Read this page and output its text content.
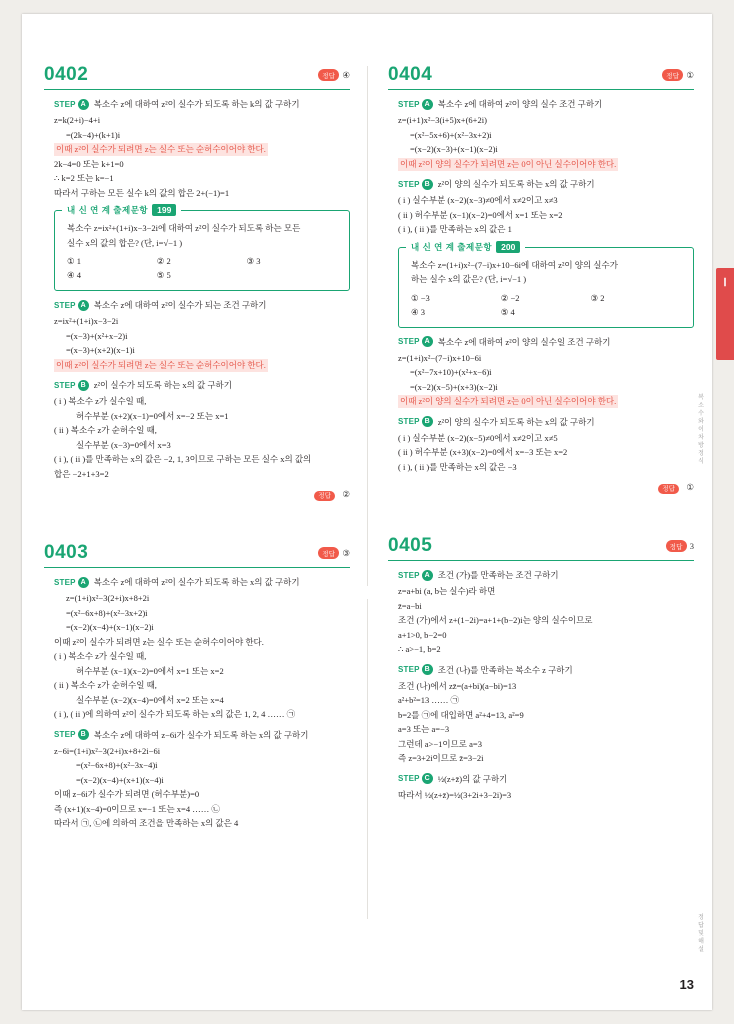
0402	정답 ④
STEP A 복소수 z에 대하여 z²이 실수가 되도록 하는 k의 값 구하기
z=k(2+i)−4+i
=(2k−4)+(k+1)i
이때 z²이 실수가 되려면 z는 실수 또는 순허수이어야 한다.
2k−4=0 또는 k+1=0
∴ k=2 또는 k=−1
따라서 구하는 모든 실수 k의 값의 합은 2+(−1)=1
내 신 연 계 출제문항	199
복소수 z=ix²+(1+i)x−3−2i에 대하여 z²이 실수가 되도록 하는 모든
실수 x의 값의 합은? (단, i=√−1 )
① 1	② 2	③ 3
④ 4	⑤ 5
STEP A 복소수 z에 대하여 z²이 실수가 되는 조건 구하기
z=ix²+(1+i)x−3−2i
=(x−3)+(x²+x−2)i
=(x−3)+(x+2)(x−1)i
이때 z²이 실수가 되려면 z는 실수 또는 순허수이어야 한다.
STEP B z²이 실수가 되도록 하는 x의 값 구하기
( i ) 복소수 z가 실수일 때,
허수부분 (x+2)(x−1)=0에서 x=−2 또는 x=1
( ii ) 복소수 z가 순허수일 때,
실수부분 (x−3)=0에서 x=3
( i ), ( ii )를 만족하는 x의 값은 −2, 1, 3이므로 구하는 모든 실수 x의 값의
합은 −2+1+3=2
정답 ②
0403	정답 ③
STEP A 복소수 z에 대하여 z²이 실수가 되도록 하는 x의 값 구하기
z=(1+i)x²−3(2+i)x+8+2i
=(x²−6x+8)+(x²−3x+2)i
=(x−2)(x−4)+(x−1)(x−2)i
이때 z²이 실수가 되려면 z는 실수 또는 순허수이어야 한다.
( i ) 복소수 z가 실수일 때,
허수부분 (x−1)(x−2)=0에서 x=1 또는 x=2
( ii ) 복소수 z가 순허수일 때,
실수부분 (x−2)(x−4)=0에서 x=2 또는 x=4
( i ), ( ii )에 의하여 z²이 실수가 되도록 하는 x의 값은 1, 2, 4 …… ㉠
STEP B 복소수 z에 대하여 z−6i가 실수가 되도록 하는 x의 값 구하기
z−6i=(1+i)x²−3(2+i)x+8+2i−6i
=(x²−6x+8)+(x²−3x−4)i
=(x−2)(x−4)+(x+1)(x−4)i
이때 z−6i가 실수가 되려면 (허수부분)=0
즉 (x+1)(x−4)=0이므로 x=−1 또는 x=4 …… ㉡
따라서 ㉠, ㉡에 의하여 조건을 만족하는 x의 값은 4
0404	정답 ①
STEP A 복소수 z에 대하여 z²이 양의 실수 조건 구하기
z=(i+1)x²−3(i+5)x+(6+2i)
=(x²−5x+6)+(x²−3x+2)i
=(x−2)(x−3)+(x−1)(x−2)i
이때 z²이 양의 실수가 되려면 z는 0이 아닌 실수이어야 한다.
STEP B z²이 양의 실수가 되도록 하는 x의 값 구하기
( i ) 실수부분 (x−2)(x−3)≠0에서 x≠2이고 x≠3
( ii ) 허수부분 (x−1)(x−2)=0에서 x=1 또는 x=2
( i ), ( ii )를 만족하는 x의 값은 1
내 신 연 계 출제문항	200
복소수 z=(1+i)x²−(7−i)x+10−6i에 대하여 z²이 양의 실수가
하는 실수 x의 값은? (단, i=√−1 )
① −3	② −2	③ 2
④ 3	⑤ 4
STEP A 복소수 z에 대하여 z²이 양의 실수일 조건 구하기
z=(1+i)x²−(7−i)x+10−6i
=(x²−7x+10)+(x²+x−6)i
=(x−2)(x−5)+(x+3)(x−2)i
이때 z²이 양의 실수가 되려면 z는 0이 아닌 실수이어야 한다.
STEP B z²이 양의 실수가 되도록 하는 x의 값 구하기
( i ) 실수부분 (x−2)(x−5)≠0에서 x≠2이고 x≠5
( ii ) 허수부분 (x+3)(x−2)=0에서 x=−3 또는 x=2
( i ), ( ii )를 만족하는 x의 값은 −3
정답 ①
0405	정답 3
STEP A 조건 (가)를 만족하는 조건 구하기
z=a+bi (a, b는 실수)라 하면
z̄=a−bi
조건 (가)에서 z+(1−2i)=a+1+(b−2)i는 양의 실수이므로
a+1>0, b−2=0
∴ a>−1, b=2
STEP B 조건 (나)를 만족하는 복소수 z 구하기
조건 (나)에서 zz̄=(a+bi)(a−bi)=13
a²+b²=13 …… ㉠
b=2를 ㉠에 대입하면 a²+4=13, a²=9
a=3 또는 a=−3
그런데 a>−1이므로 a=3
즉 z=3+2i이므로 z̄=3−2i
STEP C ½(z+z̄)의 값 구하기
따라서 ½(z+z̄)=½(3+2i+3−2i)=3
13
복 소 수 와 이 차 방 정 식
정답 및 해설
Ⅰ
